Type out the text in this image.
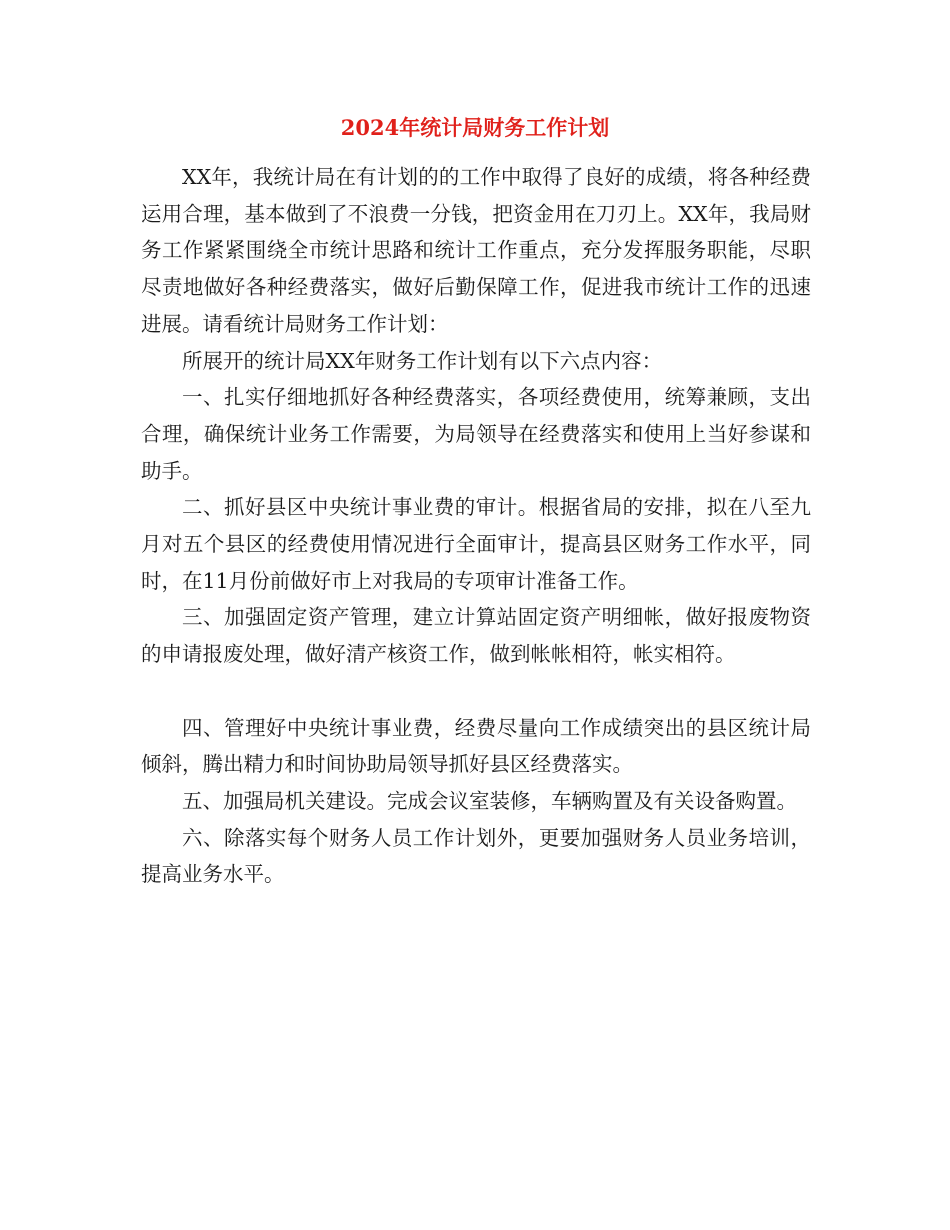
2024年统计局财务工作计划

XX年，我统计局在有计划的的工作中取得了良好的成绩，将各种经费运用合理，基本做到了不浪费一分钱，把资金用在刀刃上。XX年，我局财务工作紧紧围绕全市统计思路和统计工作重点，充分发挥服务职能，尽职尽责地做好各种经费落实，做好后勤保障工作，促进我市统计工作的迅速进展。请看统计局财务工作计划：

所展开的统计局XX年财务工作计划有以下六点内容：

一、扎实仔细地抓好各种经费落实，各项经费使用，统筹兼顾，支出合理，确保统计业务工作需要，为局领导在经费落实和使用上当好参谋和助手。

二、抓好县区中央统计事业费的审计。根据省局的安排，拟在八至九月对五个县区的经费使用情况进行全面审计，提高县区财务工作水平，同时，在11月份前做好市上对我局的专项审计准备工作。

三、加强固定资产管理，建立计算站固定资产明细帐，做好报废物资的申请报废处理，做好清产核资工作，做到帐帐相符，帐实相符。

四、管理好中央统计事业费，经费尽量向工作成绩突出的县区统计局倾斜，腾出精力和时间协助局领导抓好县区经费落实。

五、加强局机关建设。完成会议室装修，车辆购置及有关设备购置。

六、除落实每个财务人员工作计划外，更要加强财务人员业务培训，提高业务水平。
